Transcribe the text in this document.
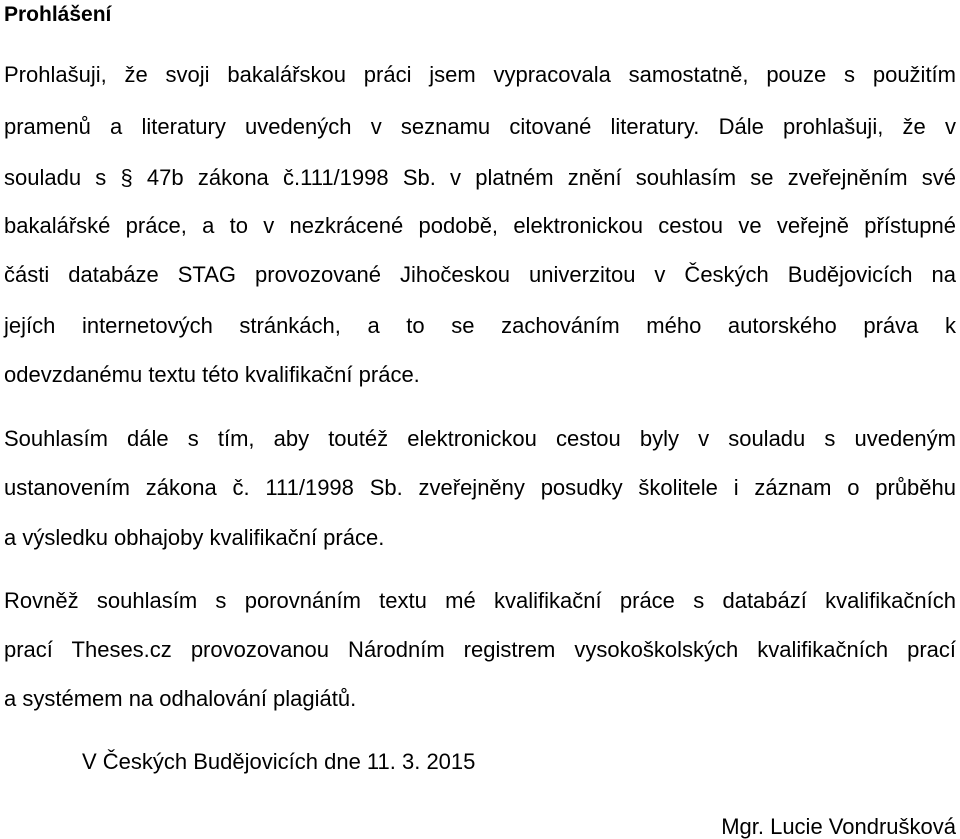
Prohlášení
Prohlašuji, že svoji bakalářskou práci jsem vypracovala samostatně, pouze s použitím
pramenů a literatury uvedených v seznamu citované literatury. Dále prohlašuji, že v
souladu s § 47b zákona č.111/1998 Sb. v platném znění souhlasím se zveřejněním své
bakalářské práce, a to v nezkrácené podobě, elektronickou cestou ve veřejně přístupné
části databáze STAG provozované Jihočeskou univerzitou v Českých Budějovicích na
jejích internetových stránkách, a to se zachováním mého autorského práva k
odevzdanému textu této kvalifikační práce.
Souhlasím dále s tím, aby toutéž elektronickou cestou byly v souladu s uvedeným
ustanovením zákona č. 111/1998 Sb. zveřejněny posudky školitele i záznam o průběhu
a výsledku obhajoby kvalifikační práce.
Rovněž souhlasím s porovnáním textu mé kvalifikační práce s databází kvalifikačních
prací Theses.cz provozovanou Národním registrem vysokoškolských kvalifikačních prací
a systémem na odhalování plagiátů.
V Českých Budějovicích dne 11. 3. 2015
Mgr. Lucie Vondrušková
